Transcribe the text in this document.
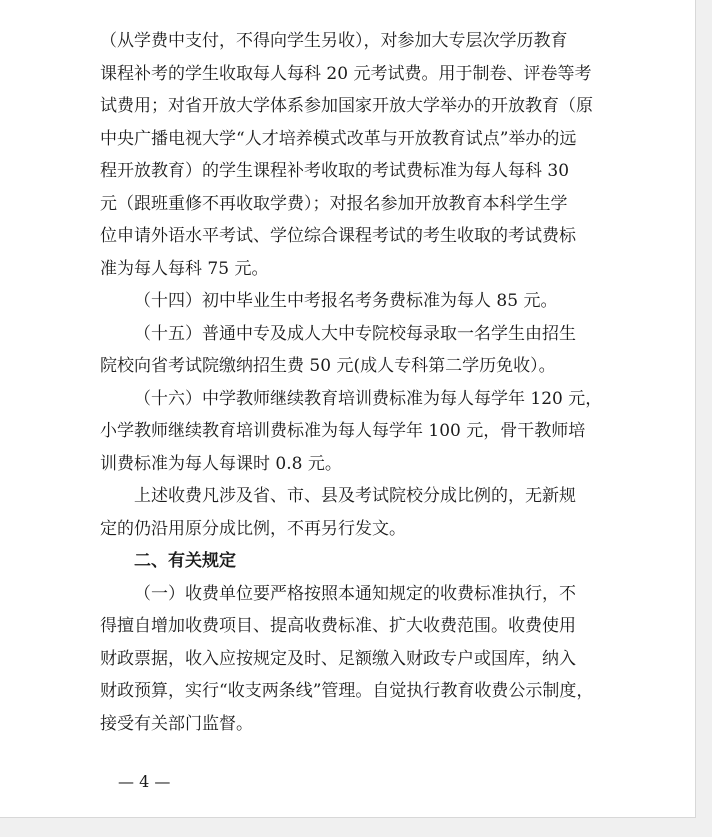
（从学费中支付，不得向学生另收），对参加大专层次学历教育
课程补考的学生收取每人每科 20 元考试费。用于制卷、评卷等考
试费用；对省开放大学体系参加国家开放大学举办的开放教育（原
中央广播电视大学“人才培养模式改革与开放教育试点”举办的远
程开放教育）的学生课程补考收取的考试费标准为每人每科 30
元（跟班重修不再收取学费）；对报名参加开放教育本科学生学
位申请外语水平考试、学位综合课程考试的考生收取的考试费标
准为每人每科 75 元。
（十四）初中毕业生中考报名考务费标准为每人 85 元。
（十五）普通中专及成人大中专院校每录取一名学生由招生
院校向省考试院缴纳招生费 50 元(成人专科第二学历免收）。
（十六）中学教师继续教育培训费标准为每人每学年 120 元，
小学教师继续教育培训费标准为每人每学年 100 元，骨干教师培
训费标准为每人每课时 0.8 元。
上述收费凡涉及省、市、县及考试院校分成比例的，无新规
定的仍沿用原分成比例，不再另行发文。
二、有关规定
（一）收费单位要严格按照本通知规定的收费标准执行，不
得擅自增加收费项目、提高收费标准、扩大收费范围。收费使用
财政票据，收入应按规定及时、足额缴入财政专户或国库，纳入
财政预算，实行“收支两条线”管理。自觉执行教育收费公示制度，
接受有关部门监督。
— 4 —
